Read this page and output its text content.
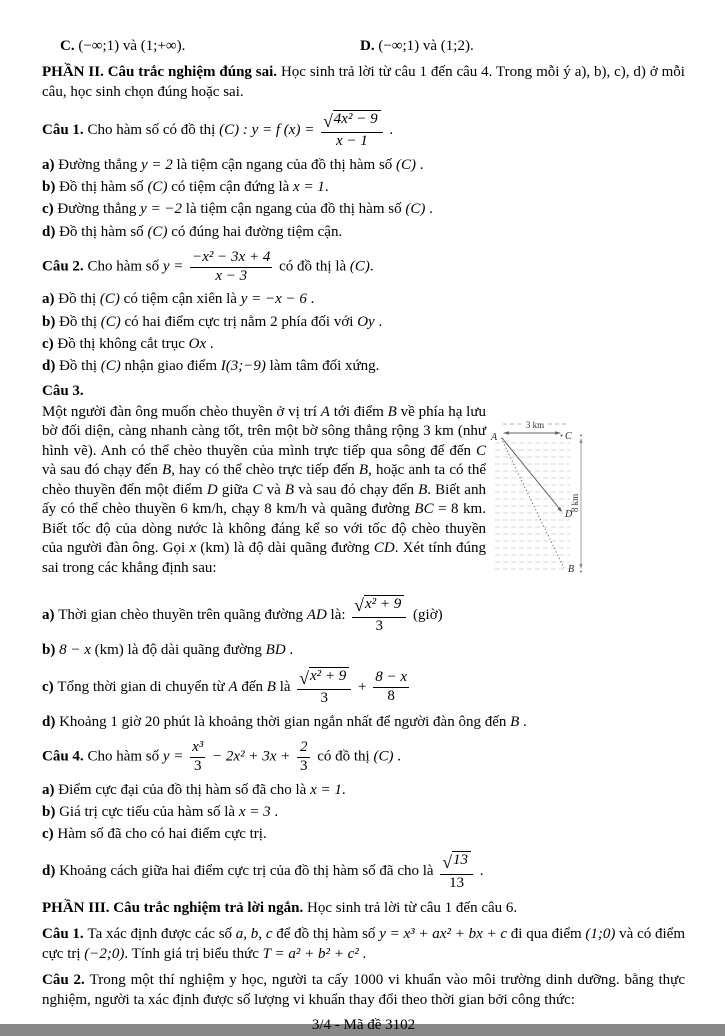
C. (−∞;1) và (1;+∞).	D. (−∞;1) và (1;2).

PHẦN II. Câu trắc nghiệm đúng sai. Học sinh trả lời từ câu 1 đến câu 4. Trong mỗi ý a), b), c), d) ở mỗi câu, học sinh chọn đúng hoặc sai.

Câu 1. Cho hàm số có đồ thị (C) : y = f $(x) = \frac{\text{√ 4x² − 9}}{x - 1}$ .

a) Đường thẳng y = 2 là tiệm cận ngang của đồ thị hàm số (C) .

b) Đồ thị hàm số (C) có tiệm cận đứng là x = 1.

c) Đường thẳng y = −2 là tiệm cận ngang của đồ thị hàm số (C) .

d) Đồ thị hàm số (C) có đúng hai đường tiệm cận.

Câu 2. Cho hàm số $y = \frac{\text{−x² − 3x + 4}}{x - 3}$ có đồ thị là (C).

a) Đồ thị (C) có tiệm cận xiên là y = −x − 6 .

b) Đồ thị (C) có hai điểm cực trị nằm 2 phía đối với Oy .

c) Đồ thị không cắt trục Ox .

d) Đồ thị (C) nhận giao điểm I(3;−9) làm tâm đối xứng.

Câu 3.

Một người đàn ông muốn chèo thuyền ở vị trí A tới điểm B về phía hạ lưu bờ đối diện, càng nhanh càng tốt, trên một bờ sông thẳng rộng 3 km (như hình vẽ). Anh có thể chèo thuyền của mình trực tiếp qua sông để đến C và sau đó chạy đến B, hay có thể chèo trực tiếp đến B, hoặc anh ta có thể chèo thuyền đến một điểm D giữa C và B và sau đó chạy đến B. Biết anh ấy có thể chèo thuyền 6 km/h, chạy 8 km/h và quãng đường BC = 8 km. Biết tốc độ của dòng nước là không đáng kể so với tốc độ chèo thuyền của người đàn ông. Gọi x (km) là độ dài quãng đường CD. Xét tính đúng sai trong các khẳng định sau:

3 km
A	C
D
B
8 km
a) Thời gian chèo thuyền trên quãng đường AD là: $\frac{\text{√ x² + 9}}{3}$ (giờ)

b) 8 − x (km) là độ dài quãng đường BD .

c) Tổng thời gian di chuyển từ A đến B là $\frac{\text{√ x² + 9}}{3} + \frac{8 - x}{8}$

d) Khoảng 1 giờ 20 phút là khoảng thời gian ngắn nhất để người đàn ông đến B .

Câu 4. Cho hàm số $y = \frac{\text{x³}}{3} - 2x^2 + 3x + \frac{2}{3}$ có đồ thị (C) .

a) Điểm cực đại của đồ thị hàm số đã cho là x = 1.

b) Giá trị cực tiểu của hàm số là x = 3 .

c) Hàm số đã cho có hai điểm cực trị.

d) Khoảng cách giữa hai điểm cực trị của đồ thị hàm số đã cho là $\frac{√ 13}{13}$ .

PHẦN III. Câu trắc nghiệm trả lời ngắn. Học sinh trả lời từ câu 1 đến câu 6.

Câu 1. Ta xác định được các số a, b, c để đồ thị hàm số y = x³ + ax² + bx + c đi qua điểm (1;0) và có điểm cực trị (−2;0). Tính giá trị biểu thức T = a² + b² + c² .

Câu 2. Trong một thí nghiệm y học, người ta cấy 1000 vi khuẩn vào môi trường dinh dưỡng. bằng thực nghiệm, người ta xác định được số lượng vi khuẩn thay đổi theo thời gian bởi công thức:

3/4 - Mã đề 3102
